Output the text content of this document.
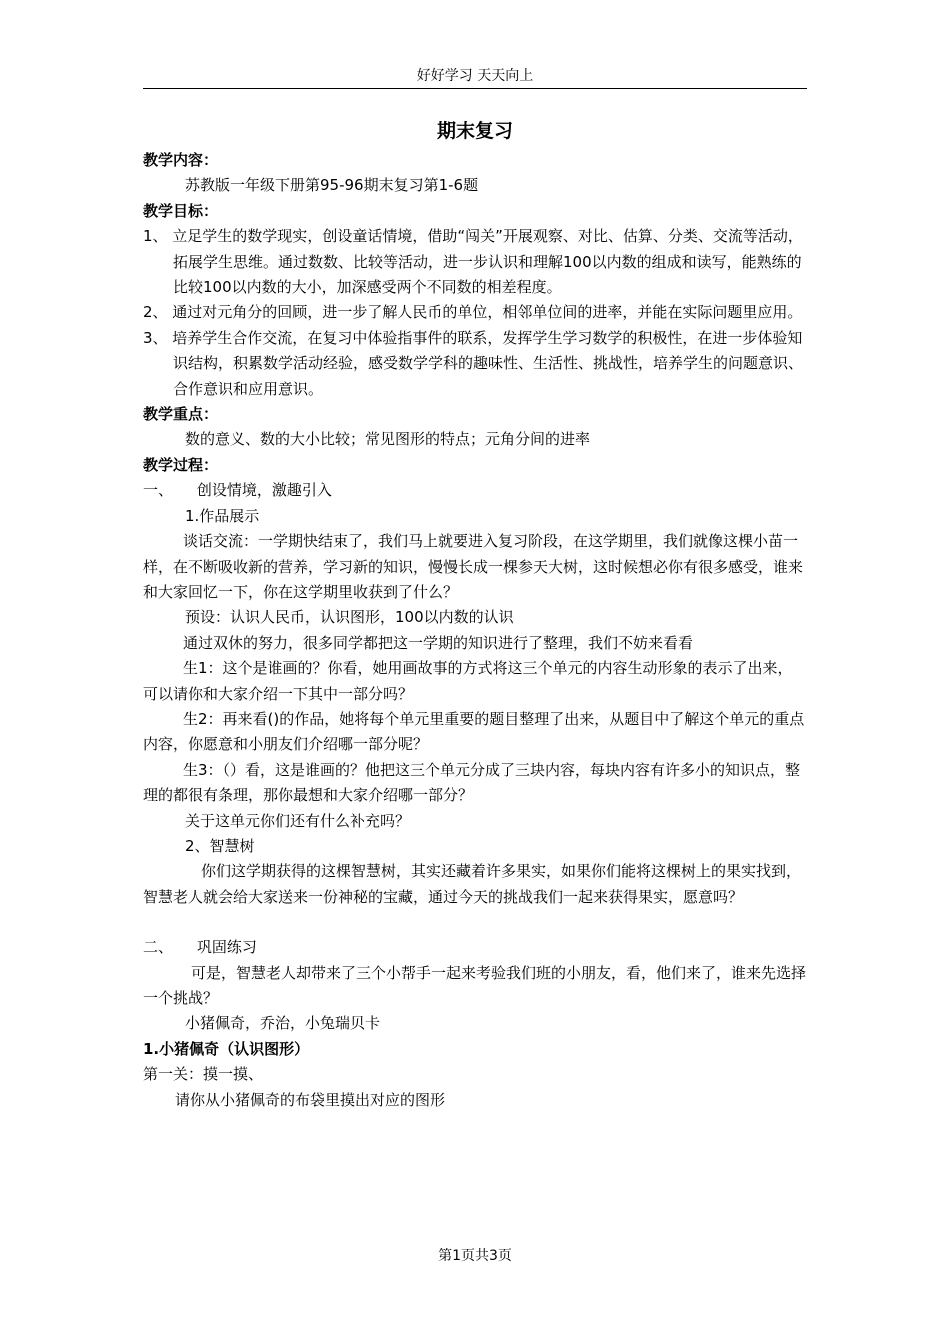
好好学习 天天向上
期末复习

教学内容：

苏教版一年级下册第95-96期末复习第1-6题

教学目标：

1、 立足学生的数学现实，创设童话情境，借助“闯关”开展观察、对比、估算、分类、交流等活动，拓展学生思维。通过数数、比较等活动，进一步认识和理解100以内数的组成和读写，能熟练的比较100以内数的大小，加深感受两个不同数的相差程度。

2、 通过对元角分的回顾，进一步了解人民币的单位，相邻单位间的进率，并能在实际问题里应用。

3、 培养学生合作交流，在复习中体验指事件的联系，发挥学生学习数学的积极性，在进一步体验知识结构，积累数学活动经验，感受数学学科的趣味性、生活性、挑战性，培养学生的问题意识、合作意识和应用意识。

教学重点：

数的意义、数的大小比较；常见图形的特点；元角分间的进率

教学过程：

一、     创设情境，激趣引入

1.作品展示

谈话交流：一学期快结束了，我们马上就要进入复习阶段，在这学期里，我们就像这棵小苗一样，在不断吸收新的营养，学习新的知识，慢慢长成一棵参天大树，这时候想必你有很多感受，谁来和大家回忆一下，你在这学期里收获到了什么？

预设：认识人民币，认识图形，100以内数的认识

通过双休的努力，很多同学都把这一学期的知识进行了整理，我们不妨来看看

生1：这个是谁画的？你看，她用画故事的方式将这三个单元的内容生动形象的表示了出来，可以请你和大家介绍一下其中一部分吗？

生2：再来看()的作品，她将每个单元里重要的题目整理了出来，从题目中了解这个单元的重点内容，你愿意和小朋友们介绍哪一部分呢？

生3：（）看，这是谁画的？他把这三个单元分成了三块内容，每块内容有许多小的知识点，整理的都很有条理，那你最想和大家介绍哪一部分？

关于这单元你们还有什么补充吗？

2、智慧树

你们这学期获得的这棵智慧树，其实还藏着许多果实，如果你们能将这棵树上的果实找到，智慧老人就会给大家送来一份神秘的宝藏，通过今天的挑战我们一起来获得果实，愿意吗？

二、     巩固练习

可是，智慧老人却带来了三个小帮手一起来考验我们班的小朋友，看，他们来了，谁来先选择一个挑战？

小猪佩奇，乔治，小兔瑞贝卡

1.小猪佩奇（认识图形）

第一关：摸一摸、

请你从小猪佩奇的布袋里摸出对应的图形

第1页共3页
